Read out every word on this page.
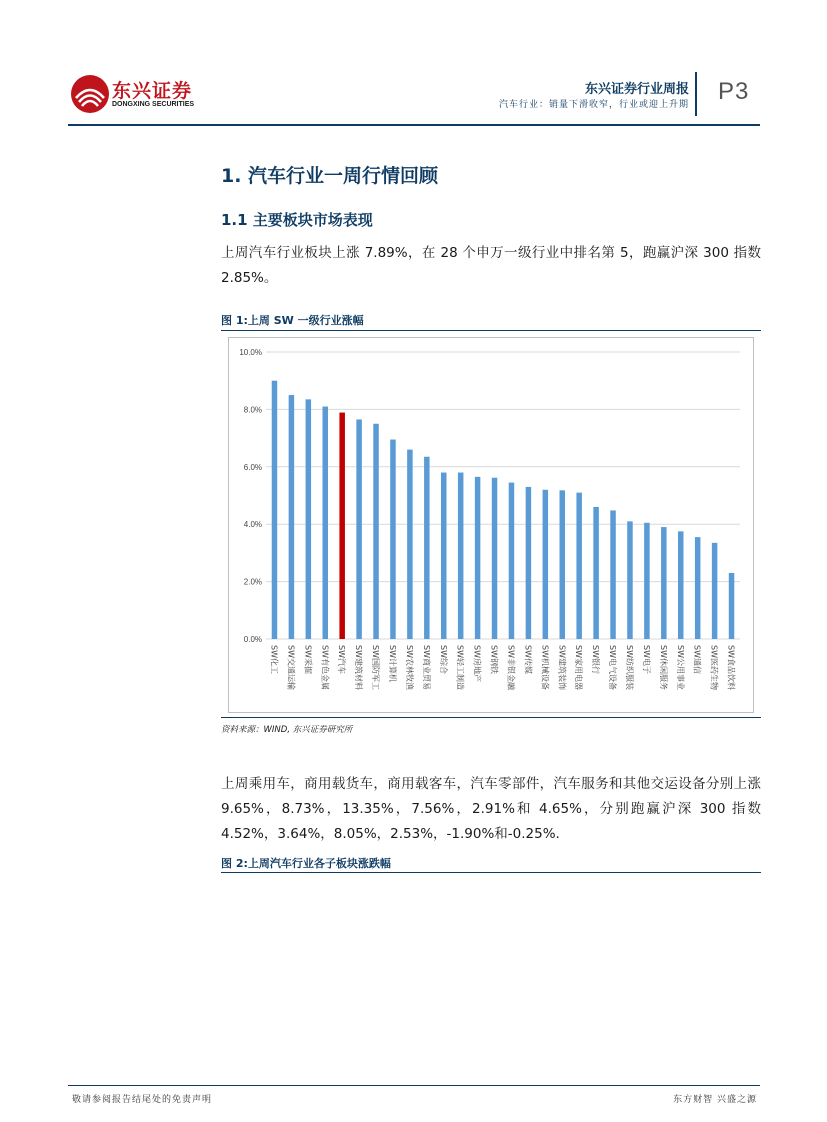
东兴证券
DONGXING SECURITIES
东兴证券行业周报
汽车行业：销量下滑收窄，行业或迎上升期 P3
1. 汽车行业一周行情回顾
1.1 主要板块市场表现
上周汽车行业板块上涨 7.89%，在 28 个申万一级行业中排名第 5，跑赢沪深 300 指数 2.85%。
图 1:上周 SW 一级行业涨幅
0.0%
2.0%
4.0%
6.0%
8.0%
10.0%
SW化工 SW交通运输 SW采掘 SW有色金属 SW汽车 SW建筑材料 SW国防军工 SW计算机 SW农林牧渔 SW商业贸易 SW综合 SW轻工制造 SW房地产 SW钢铁 SW非银金融 SW传媒 SW机械设备 SW建筑装饰 SW家用电器 SW银行 SW电气设备 SW纺织服装 SW电子 SW休闲服务 SW公用事业 SW通信 SW医药生物 SW食品饮料
资料来源：WIND, 东兴证券研究所
上周乘用车，商用载货车，商用载客车，汽车零部件，汽车服务和其他交运设备分别上涨 9.65%，8.73%，13.35%，7.56%，2.91%和 4.65%，分别跑赢沪深 300 指数 4.52%，3.64%，8.05%，2.53%，-1.90%和-0.25%.
图 2:上周汽车行业各子板块涨跌幅
敬请参阅报告结尾处的免责声明	东方财智 兴盛之源
